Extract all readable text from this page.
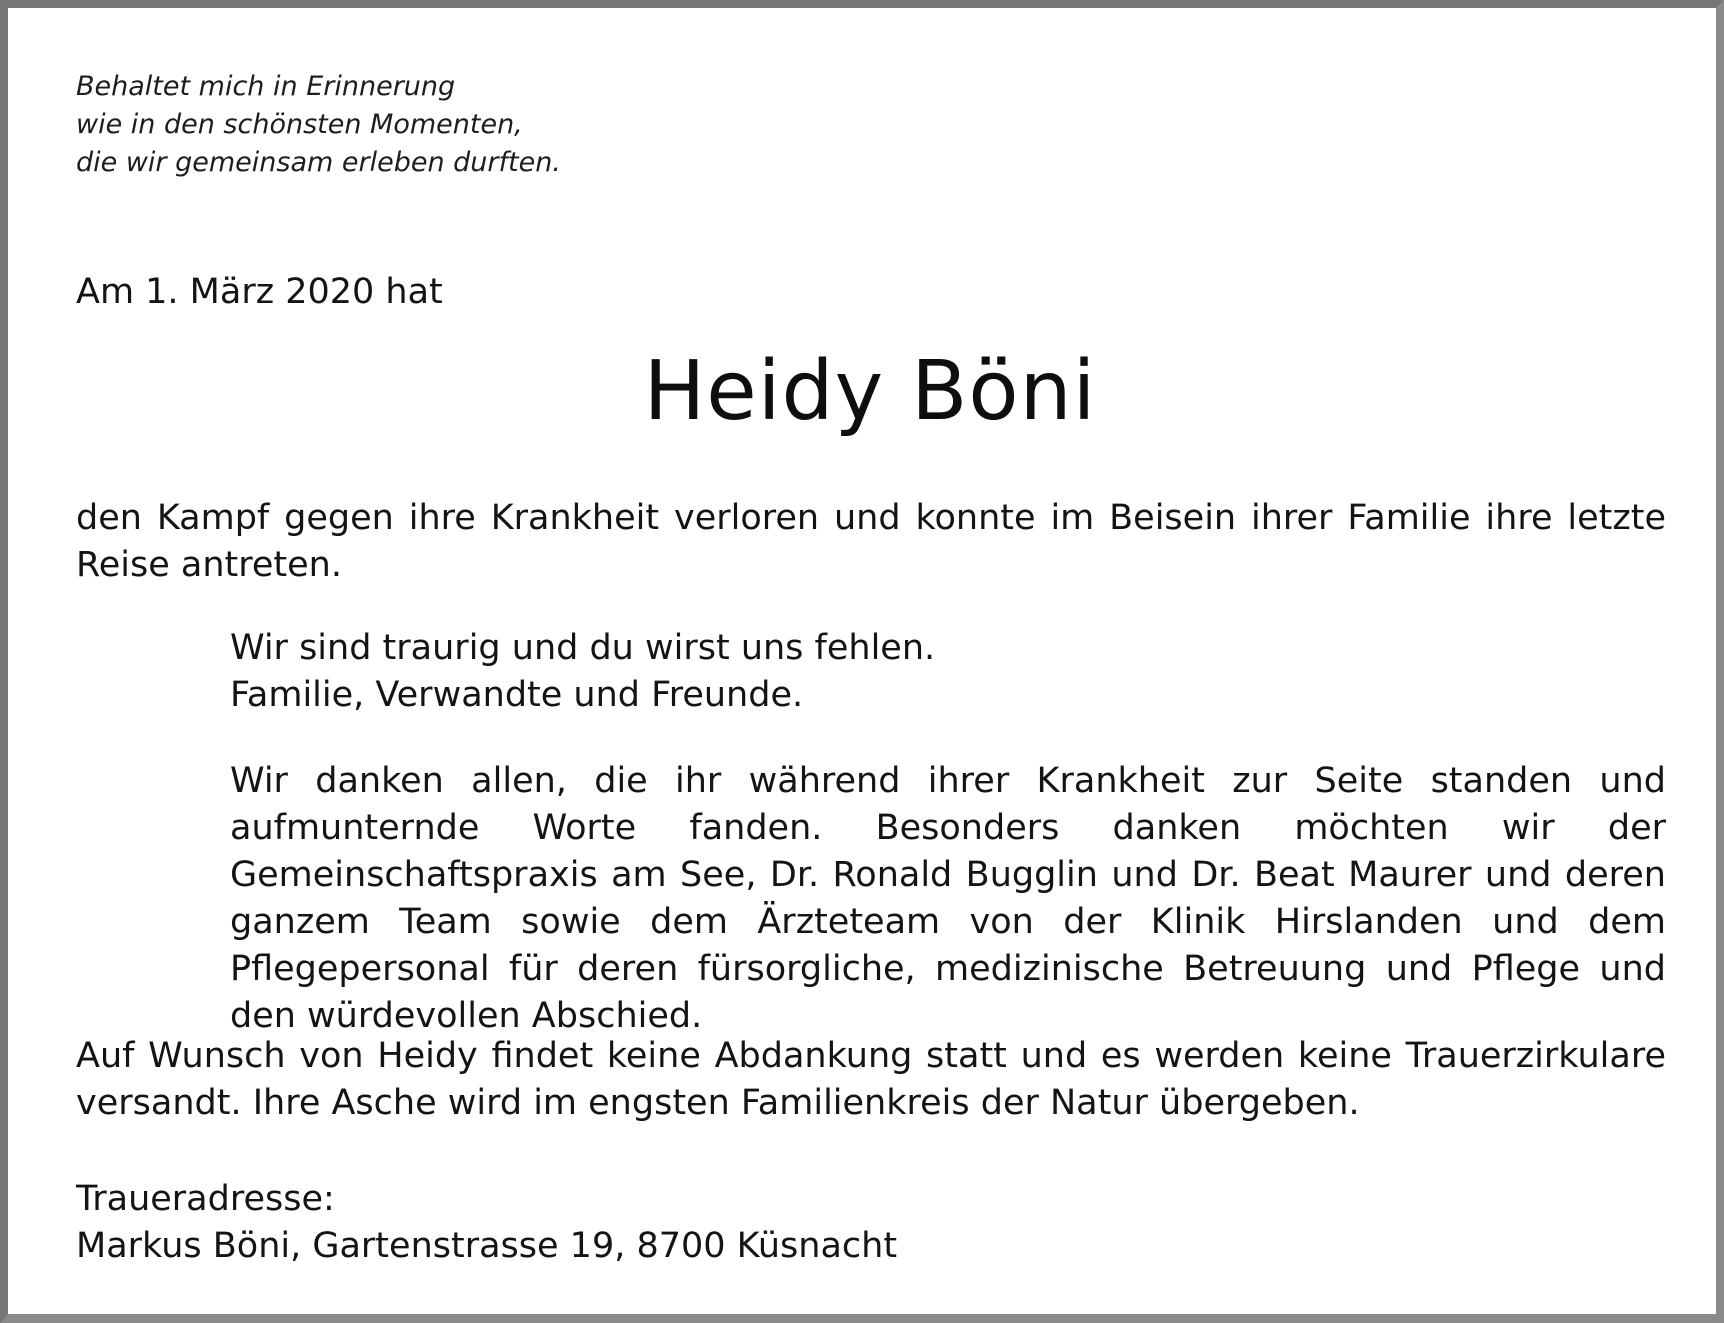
Behaltet mich in Erinnerung
wie in den schönsten Momenten,
die wir gemeinsam erleben durften.
Am 1. März 2020 hat
Heidy Böni
den Kampf gegen ihre Krankheit verloren und konnte im Beisein ihrer Familie ihre letzte Reise antreten.
Wir sind traurig und du wirst uns fehlen.
Familie, Verwandte und Freunde.
Wir danken allen, die ihr während ihrer Krankheit zur Seite standen und aufmunternde Worte fanden. Besonders danken möchten wir der Gemeinschaftspraxis am See, Dr. Ronald Bugglin und Dr. Beat Maurer und deren ganzem Team sowie dem Ärzteteam von der Klinik Hirslanden und dem Pflegepersonal für deren fürsorgliche, medizinische Betreuung und Pflege und den würdevollen Abschied.
Auf Wunsch von Heidy findet keine Abdankung statt und es werden keine Trauerzirkulare versandt. Ihre Asche wird im engsten Familienkreis der Natur übergeben.
Traueradresse:
Markus Böni, Gartenstrasse 19, 8700 Küsnacht
